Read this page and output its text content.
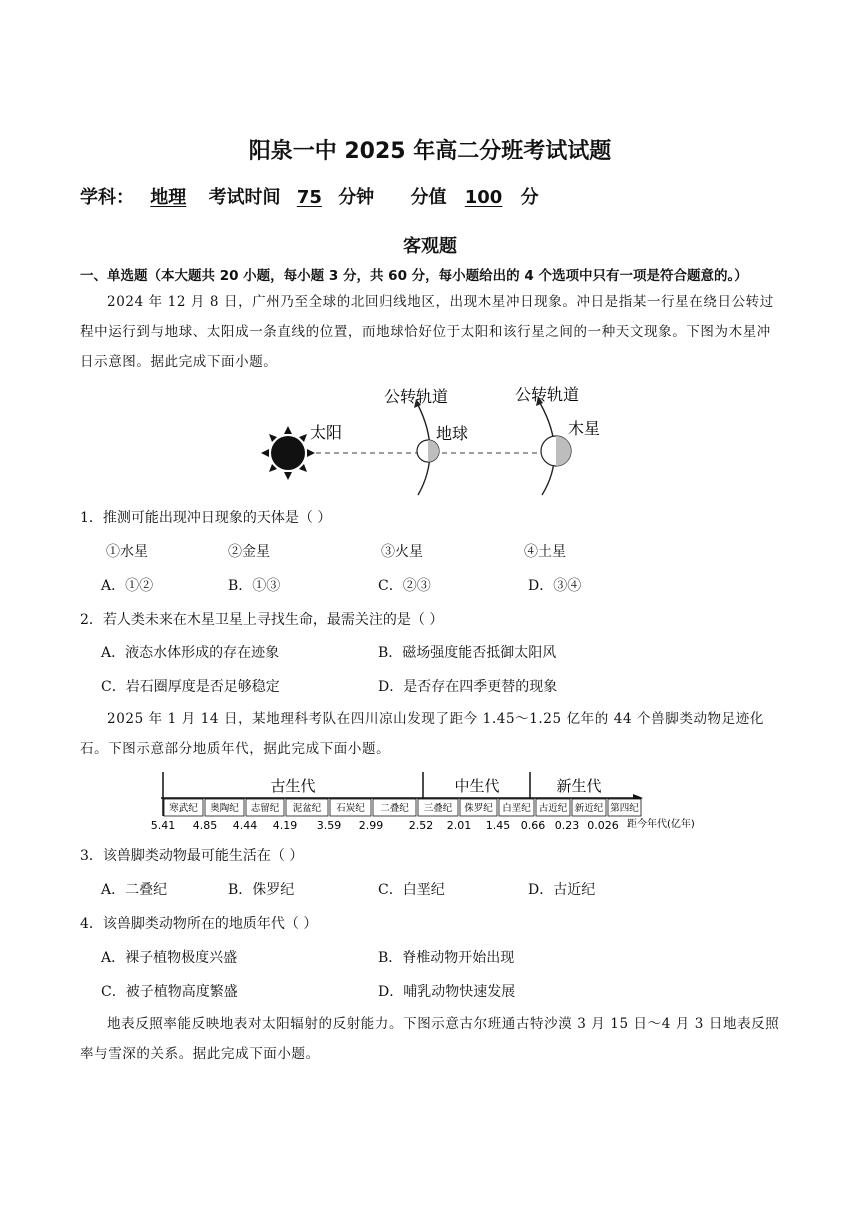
阳泉一中 2025 年高二分班考试试题
学科： 地理 考试时间 75 分钟 分值 100 分
客观题
一、单选题（本大题共 20 小题，每小题 3 分，共 60 分，每小题给出的 4 个选项中只有一项是符合题意的。）
2024 年 12 月 8 日，广州乃至全球的北回归线地区，出现木星冲日现象。冲日是指某一行星在绕日公转过程中运行到与地球、太阳成一条直线的位置，而地球恰好位于太阳和该行星之间的一种天文现象。下图为木星冲日示意图。据此完成下面小题。
太阳	地球	木星
公转轨道	公转轨道
1．推测可能出现冲日现象的天体是（ ）
①水星	②金星	③火星	④土星
A．①②	B．①③	C．②③	D．③④
2．若人类未来在木星卫星上寻找生命，最需关注的是（ ）
A．液态水体形成的存在迹象	B．磁场强度能否抵御太阳风
C．岩石圈厚度是否足够稳定	D．是否存在四季更替的现象
2025 年 1 月 14 日，某地理科考队在四川凉山发现了距今 1.45～1.25 亿年的 44 个兽脚类动物足迹化石。下图示意部分地质年代，据此完成下面小题。
古生代	中生代	新生代
寒武纪 奥陶纪 志留纪 泥盆纪 石炭纪 二叠纪 三叠纪 侏罗纪 白垩纪 古近纪 新近纪 第四纪
5.41 4.85 4.44 4.19 3.59 2.99 2.52 2.01 1.45 0.66 0.23 0.026 距今年代(亿年)
3．该兽脚类动物最可能生活在（ ）
A．二叠纪	B．侏罗纪	C．白垩纪	D．古近纪
4．该兽脚类动物所在的地质年代（ ）
A．裸子植物极度兴盛	B．脊椎动物开始出现
C．被子植物高度繁盛	D．哺乳动物快速发展
地表反照率能反映地表对太阳辐射的反射能力。下图示意古尔班通古特沙漠 3 月 15 日～4 月 3 日地表反照率与雪深的关系。据此完成下面小题。
